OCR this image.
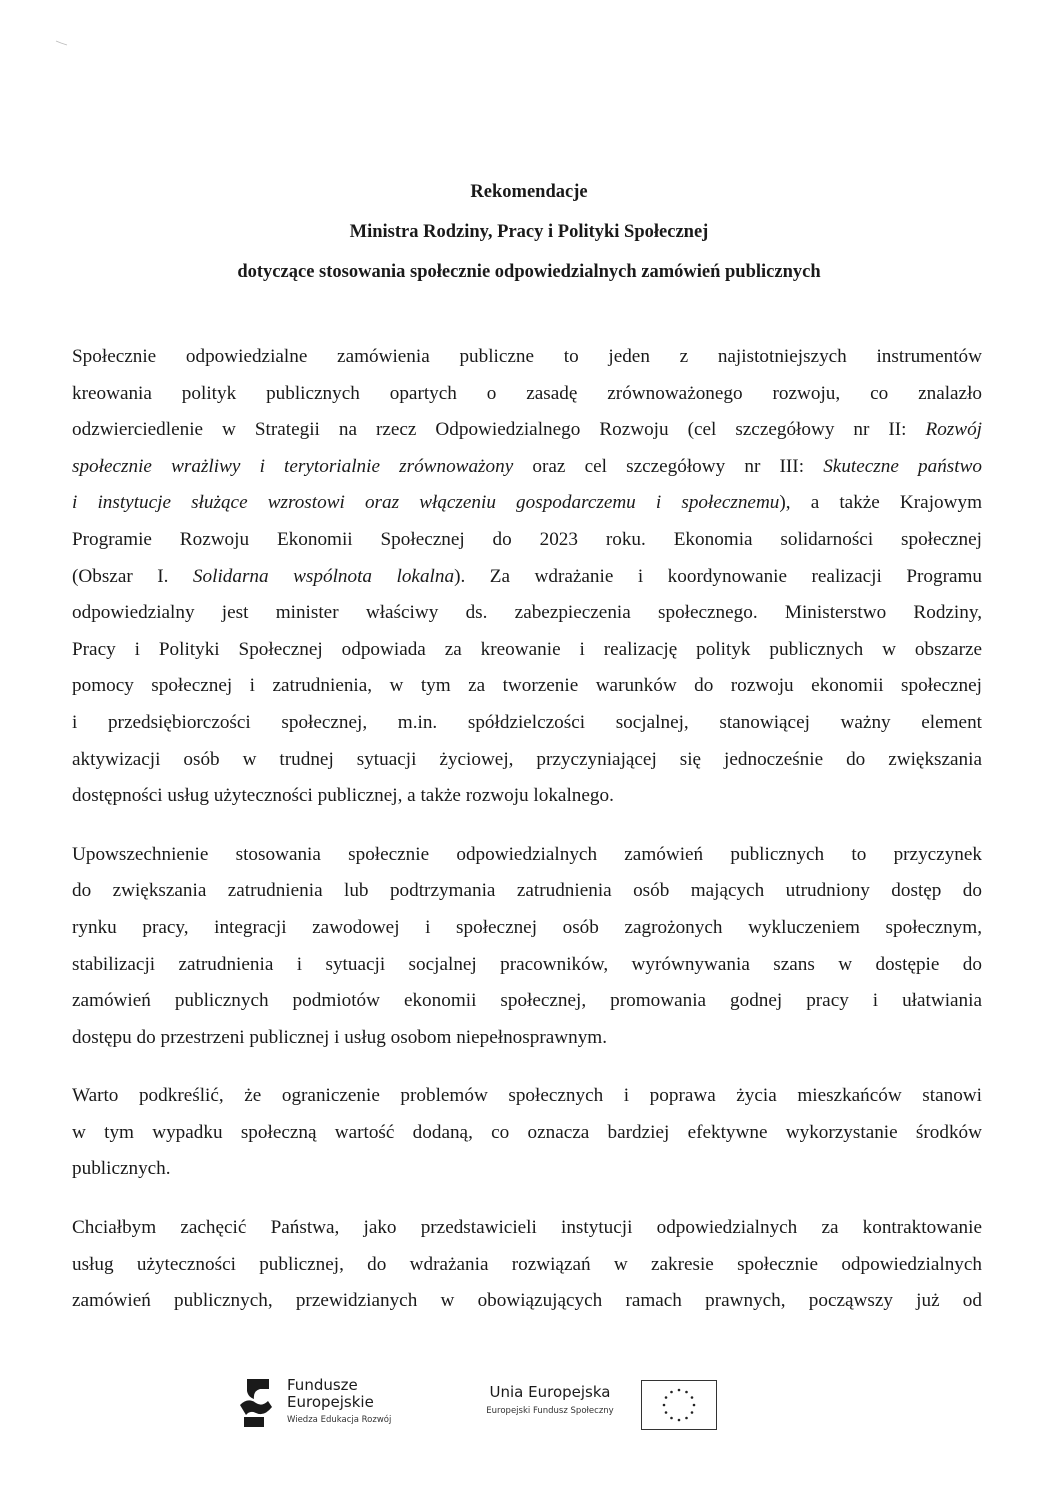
Rekomendacje
Ministra Rodziny, Pracy i Polityki Społecznej
dotyczące stosowania społecznie odpowiedzialnych zamówień publicznych
Społecznie odpowiedzialne zamówienia publiczne to jeden z najistotniejszych instrumentów
kreowania polityk publicznych opartych o zasadę zrównoważonego rozwoju, co znalazło
odzwierciedlenie w Strategii na rzecz Odpowiedzialnego Rozwoju (cel szczegółowy nr II: Rozwój
społecznie wrażliwy i terytorialnie zrównoważony oraz cel szczegółowy nr III: Skuteczne państwo
i instytucje służące wzrostowi oraz włączeniu gospodarczemu i społecznemu), a także Krajowym
Programie Rozwoju Ekonomii Społecznej do 2023 roku. Ekonomia solidarności społecznej
(Obszar I. Solidarna wspólnota lokalna). Za wdrażanie i koordynowanie realizacji Programu
odpowiedzialny jest minister właściwy ds. zabezpieczenia społecznego. Ministerstwo Rodziny,
Pracy i Polityki Społecznej odpowiada za kreowanie i realizację polityk publicznych w obszarze
pomocy społecznej i zatrudnienia, w tym za tworzenie warunków do rozwoju ekonomii społecznej
i przedsiębiorczości społecznej, m.in. spółdzielczości socjalnej, stanowiącej ważny element
aktywizacji osób w trudnej sytuacji życiowej, przyczyniającej się jednocześnie do zwiększania
dostępności usług użyteczności publicznej, a także rozwoju lokalnego.
Upowszechnienie stosowania społecznie odpowiedzialnych zamówień publicznych to przyczynek
do zwiększania zatrudnienia lub podtrzymania zatrudnienia osób mających utrudniony dostęp do
rynku pracy, integracji zawodowej i społecznej osób zagrożonych wykluczeniem społecznym,
stabilizacji zatrudnienia i sytuacji socjalnej pracowników, wyrównywania szans w dostępie do
zamówień publicznych podmiotów ekonomii społecznej, promowania godnej pracy i ułatwiania
dostępu do przestrzeni publicznej i usług osobom niepełnosprawnym.
Warto podkreślić, że ograniczenie problemów społecznych i poprawa życia mieszkańców stanowi
w tym wypadku społeczną wartość dodaną, co oznacza bardziej efektywne wykorzystanie środków
publicznych.
Chciałbym zachęcić Państwa, jako przedstawicieli instytucji odpowiedzialnych za kontraktowanie
usług użyteczności publicznej, do wdrażania rozwiązań w zakresie społecznie odpowiedzialnych
zamówień publicznych, przewidzianych w obowiązujących ramach prawnych, począwszy już od
Fundusze
Europejskie
Wiedza Edukacja Rozwój
Unia Europejska
Europejski Fundusz Społeczny
